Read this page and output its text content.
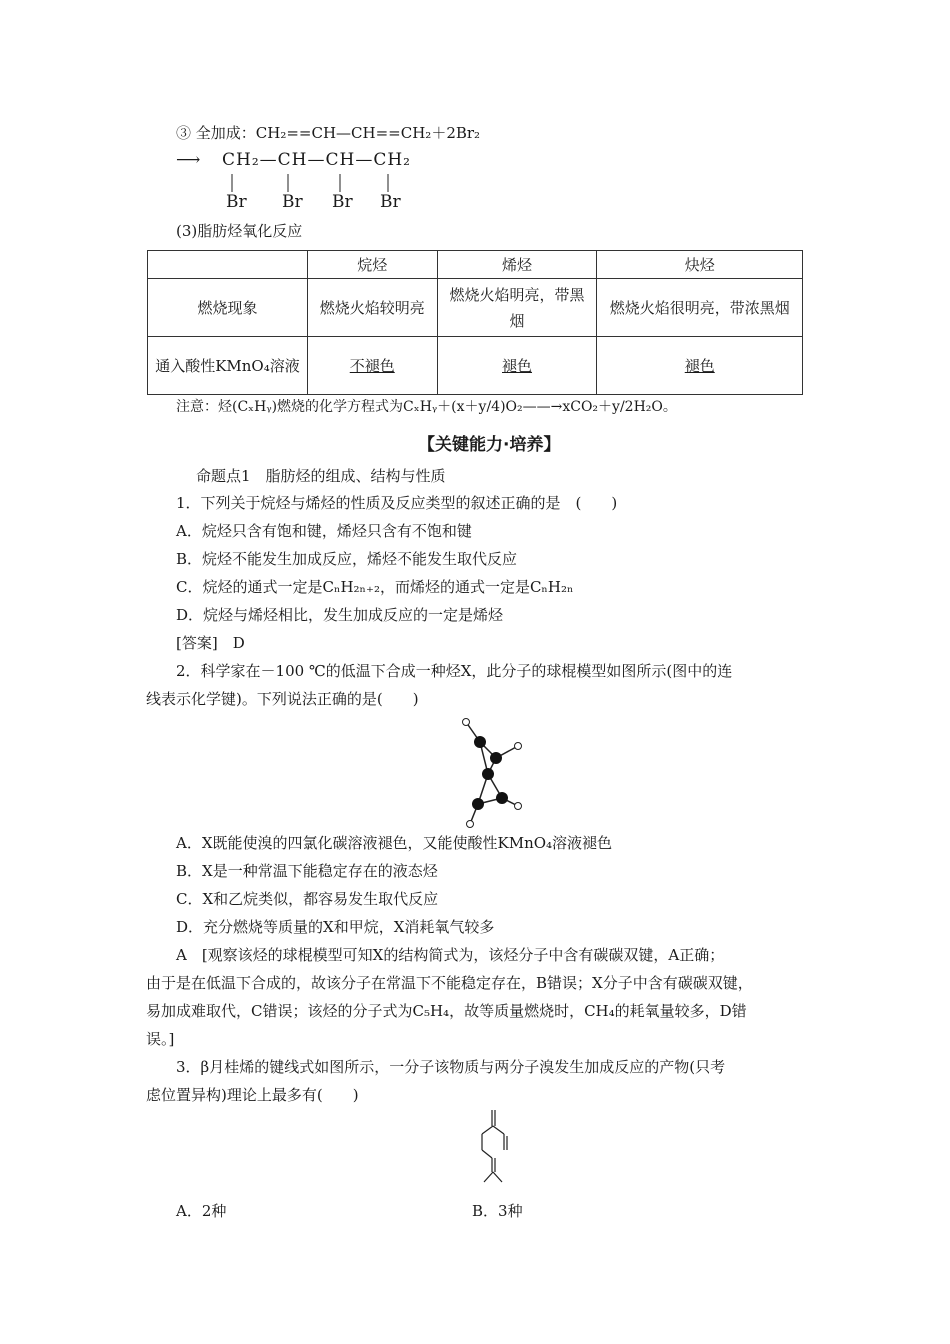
③ 全加成：CH₂==CH—CH==CH₂＋2Br₂
⟶ CH₂—CH—CH—CH₂
Br Br Br Br
(3)脂肪烃氧化反应
	烷烃	烯烃	炔烃
燃烧现象	燃烧火焰较明亮	燃烧火焰明亮，带黑烟	燃烧火焰很明亮，带浓黑烟
通入酸性KMnO₄溶液	不褪色	褪色	褪色
注意：烃(CₓHᵧ)燃烧的化学方程式为CₓHᵧ＋(x＋y/4)O₂——→xCO₂＋y/2H₂O。
【关键能力·培养】
命题点1　脂肪烃的组成、结构与性质
1．下列关于烷烃与烯烃的性质及反应类型的叙述正确的是　(　　)
A．烷烃只含有饱和键，烯烃只含有不饱和键
B．烷烃不能发生加成反应，烯烃不能发生取代反应
C．烷烃的通式一定是CₙH₂ₙ₊₂，而烯烃的通式一定是CₙH₂ₙ
D．烷烃与烯烃相比，发生加成反应的一定是烯烃
[答案]　D
2．科学家在－100 ℃的低温下合成一种烃X，此分子的球棍模型如图所示(图中的连
线表示化学键)。下列说法正确的是(　　)
A．X既能使溴的四氯化碳溶液褪色，又能使酸性KMnO₄溶液褪色
B．X是一种常温下能稳定存在的液态烃
C．X和乙烷类似，都容易发生取代反应
D．充分燃烧等质量的X和甲烷，X消耗氧气较多
A　[观察该烃的球棍模型可知X的结构简式为，该烃分子中含有碳碳双键，A正确；
由于是在低温下合成的，故该分子在常温下不能稳定存在，B错误；X分子中含有碳碳双键，
易加成难取代，C错误；该烃的分子式为C₅H₄，故等质量燃烧时，CH₄的耗氧量较多，D错
误。]
3．β月桂烯的键线式如图所示，一分子该物质与两分子溴发生加成反应的产物(只考
虑位置异构)理论上最多有(　　)
A．2种	B．3种
